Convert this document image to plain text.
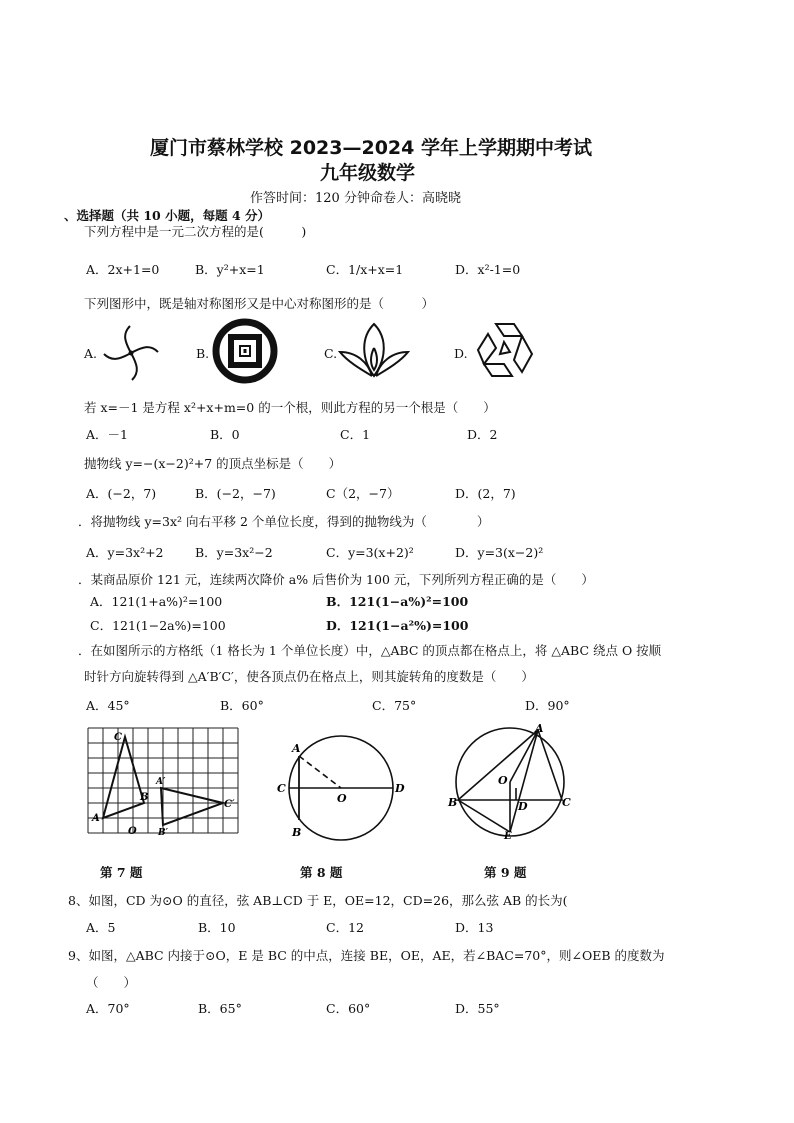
厦门市蔡林学校 2023—2024 学年上学期期中考试
九年级数学
作答时间：120 分钟命卷人：高晓晓
、选择题（共 10 小题，每题 4 分）
下列方程中是一元二次方程的是(　　　)
A．2x+1=0	B．y²+x=1	C．1/x+x=1	D．x²-1=0
下列图形中，既是轴对称图形又是中心对称图形的是（　　　）
A.	B.	C.	D.
若 x=－1 是方程 x²+x+m=0 的一个根，则此方程的另一个根是（　　）
A．－1	B．0	C．1	D．2
抛物线 y=−(x−2)²+7 的顶点坐标是（　　）
A．(−2，7)	B．(−2，−7)	C（2，−7）	D．(2，7)
．将抛物线 y=3x² 向右平移 2 个单位长度，得到的抛物线为（　　　　）
A．y=3x²+2	B．y=3x²−2	C．y=3(x+2)²	D．y=3(x−2)²
．某商品原价 121 元，连续两次降价 a% 后售价为 100 元，下列所列方程正确的是（　　）
A．121(1+a%)²=100	B．121(1−a%)²=100
C．121(1−2a%)=100	D．121(1−a²%)=100
．在如图所示的方格纸（1 格长为 1 个单位长度）中，△ABC 的顶点都在格点上，将 △ABC 绕点 O 按顺
时针方向旋转得到 △A′B′C′，使各顶点仍在格点上，则其旋转角的度数是（　　）
A．45°	B．60°	C．75°	D．90°
C
B
A′
C′
A
O B′
A
C
O
D
B
A
O
B	D	C
E
第 7 题	第 8 题	第 9 题
8、如图，CD 为⊙O 的直径，弦 AB⊥CD 于 E，OE=12，CD=26，那么弦 AB 的长为(
A．5	B．10	C．12	D．13
9、如图，△ABC 内接于⊙O，E 是 BC 的中点，连接 BE，OE，AE，若∠BAC=70°，则∠OEB 的度数为
（　　）
A．70°	B．65°	C．60°	D．55°
